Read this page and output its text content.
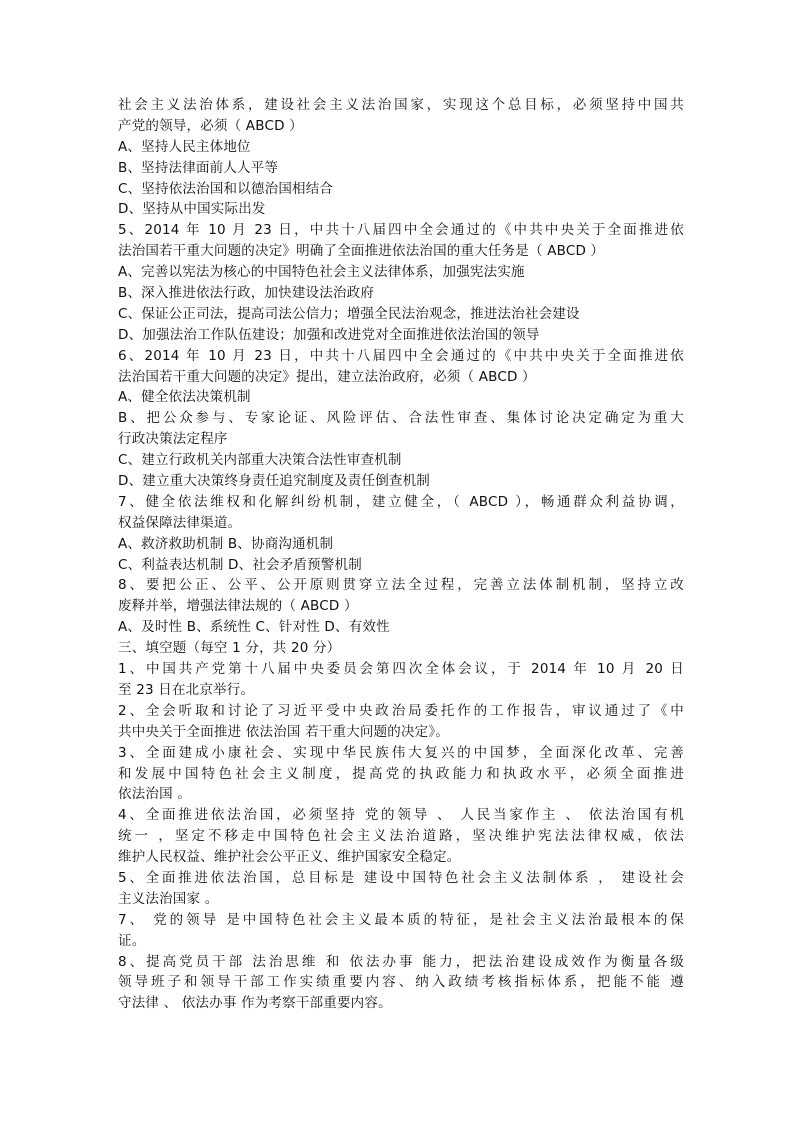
社会主义法治体系，建设社会主义法治国家，实现这个总目标，必须坚持中国共
产党的领导，必须（ ABCD ）
A、坚持人民主体地位
B、坚持法律面前人人平等
C、坚持依法治国和以德治国相结合
D、坚持从中国实际出发
5、2014 年 10 月 23 日，中共十八届四中全会通过的《中共中央关于全面推进依
法治国若干重大问题的决定》明确了全面推进依法治国的重大任务是（ ABCD ）
A、完善以宪法为核心的中国特色社会主义法律体系，加强宪法实施
B、深入推进依法行政，加快建设法治政府
C、保证公正司法，提高司法公信力；增强全民法治观念，推进法治社会建设
D、加强法治工作队伍建设；加强和改进党对全面推进依法治国的领导
6、2014 年 10 月 23 日，中共十八届四中全会通过的《中共中央关于全面推进依
法治国若干重大问题的决定》提出，建立法治政府，必须（ ABCD ）
A、健全依法决策机制
B、把公众参与、专家论证、风险评估、合法性审查、集体讨论决定确定为重大
行政决策法定程序
C、建立行政机关内部重大决策合法性审查机制
D、建立重大决策终身责任追究制度及责任倒查机制
7、健全依法维权和化解纠纷机制，建立健全，（ ABCD ），畅通群众利益协调，
权益保障法律渠道。
A、救济救助机制 B、协商沟通机制
C、利益表达机制 D、社会矛盾预警机制
8、要把公正、公平、公开原则贯穿立法全过程，完善立法体制机制，坚持立改
废释并举，增强法律法规的（ ABCD ）
A、及时性 B、系统性 C、针对性 D、有效性
三、填空题（每空 1 分，共 20 分）
1、中国共产党第十八届中央委员会第四次全体会议，于 2014 年 10 月 20 日
至 23 日在北京举行。
2、全会听取和讨论了习近平受中央政治局委托作的工作报告，审议通过了《中
共中央关于全面推进 依法治国 若干重大问题的决定》。
3、全面建成小康社会、实现中华民族伟大复兴的中国梦，全面深化改革、完善
和发展中国特色社会主义制度，提高党的执政能力和执政水平，必须全面推进
依法治国 。
4、全面推进依法治国，必须坚持 党的领导 、 人民当家作主 、 依法治国有机
统一 ，坚定不移走中国特色社会主义法治道路，坚决维护宪法法律权威，依法
维护人民权益、维护社会公平正义、维护国家安全稳定。
5、全面推进依法治国，总目标是 建设中国特色社会主义法制体系 ， 建设社会
主义法治国家 。
7、 党的领导 是中国特色社会主义最本质的特征，是社会主义法治最根本的保
证。
8、提高党员干部 法治思维 和 依法办事 能力，把法治建设成效作为衡量各级
领导班子和领导干部工作实绩重要内容、纳入政绩考核指标体系，把能不能 遵
守法律 、 依法办事 作为考察干部重要内容。
